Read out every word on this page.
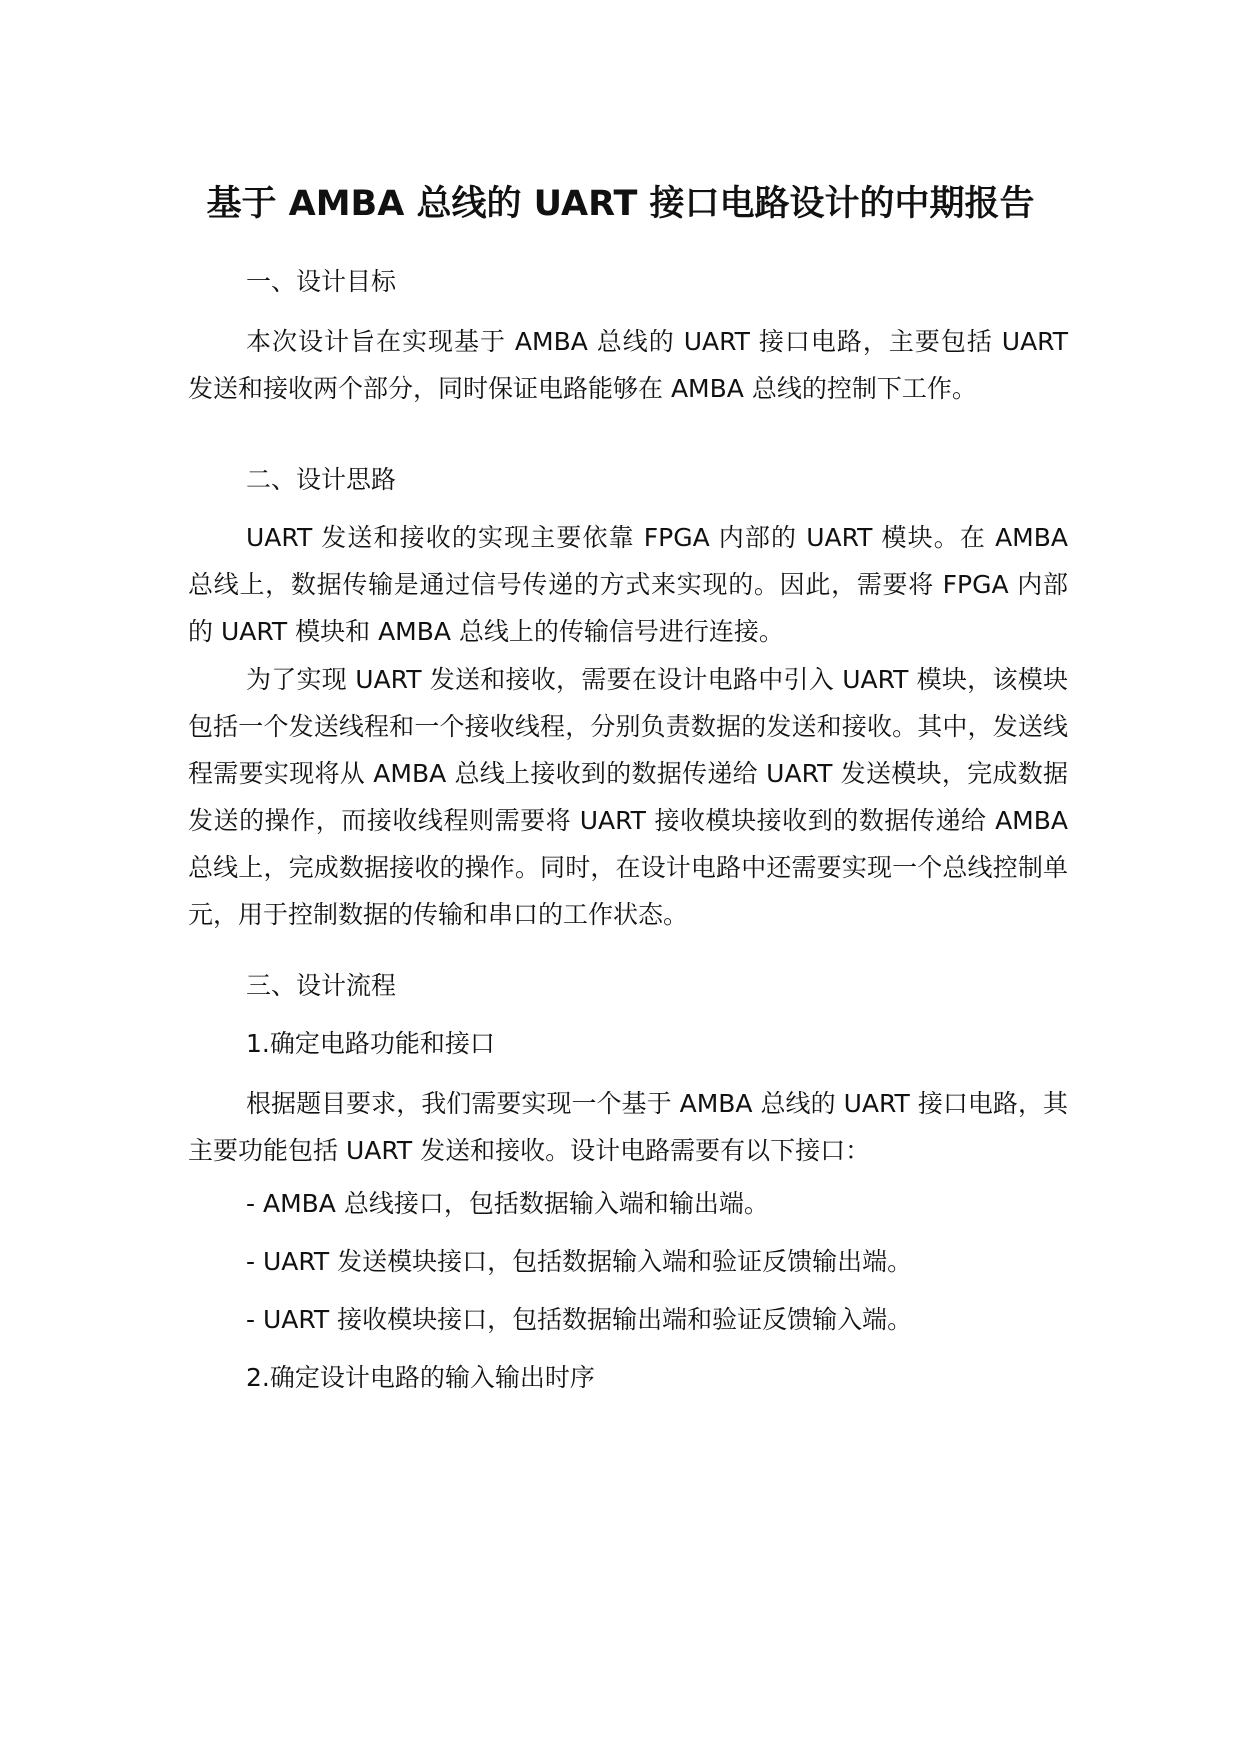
基于 AMBA 总线的 UART 接口电路设计的中期报告

一、设计目标

本次设计旨在实现基于 AMBA 总线的 UART 接口电路，主要包括 UART 发送和接收两个部分，同时保证电路能够在 AMBA 总线的控制下工作。

二、设计思路

UART 发送和接收的实现主要依靠 FPGA 内部的 UART 模块。在 AMBA 总线上，数据传输是通过信号传递的方式来实现的。因此，需要将 FPGA 内部的 UART 模块和 AMBA 总线上的传输信号进行连接。

为了实现 UART 发送和接收，需要在设计电路中引入 UART 模块，该模块包括一个发送线程和一个接收线程，分别负责数据的发送和接收。其中，发送线程需要实现将从 AMBA 总线上接收到的数据传递给 UART 发送模块，完成数据发送的操作，而接收线程则需要将 UART 接收模块接收到的数据传递给 AMBA 总线上，完成数据接收的操作。同时，在设计电路中还需要实现一个总线控制单元，用于控制数据的传输和串口的工作状态。

三、设计流程

1.确定电路功能和接口

根据题目要求，我们需要实现一个基于 AMBA 总线的 UART 接口电路，其主要功能包括 UART 发送和接收。设计电路需要有以下接口：

- AMBA 总线接口，包括数据输入端和输出端。

- UART 发送模块接口，包括数据输入端和验证反馈输出端。

- UART 接收模块接口，包括数据输出端和验证反馈输入端。

2.确定设计电路的输入输出时序
